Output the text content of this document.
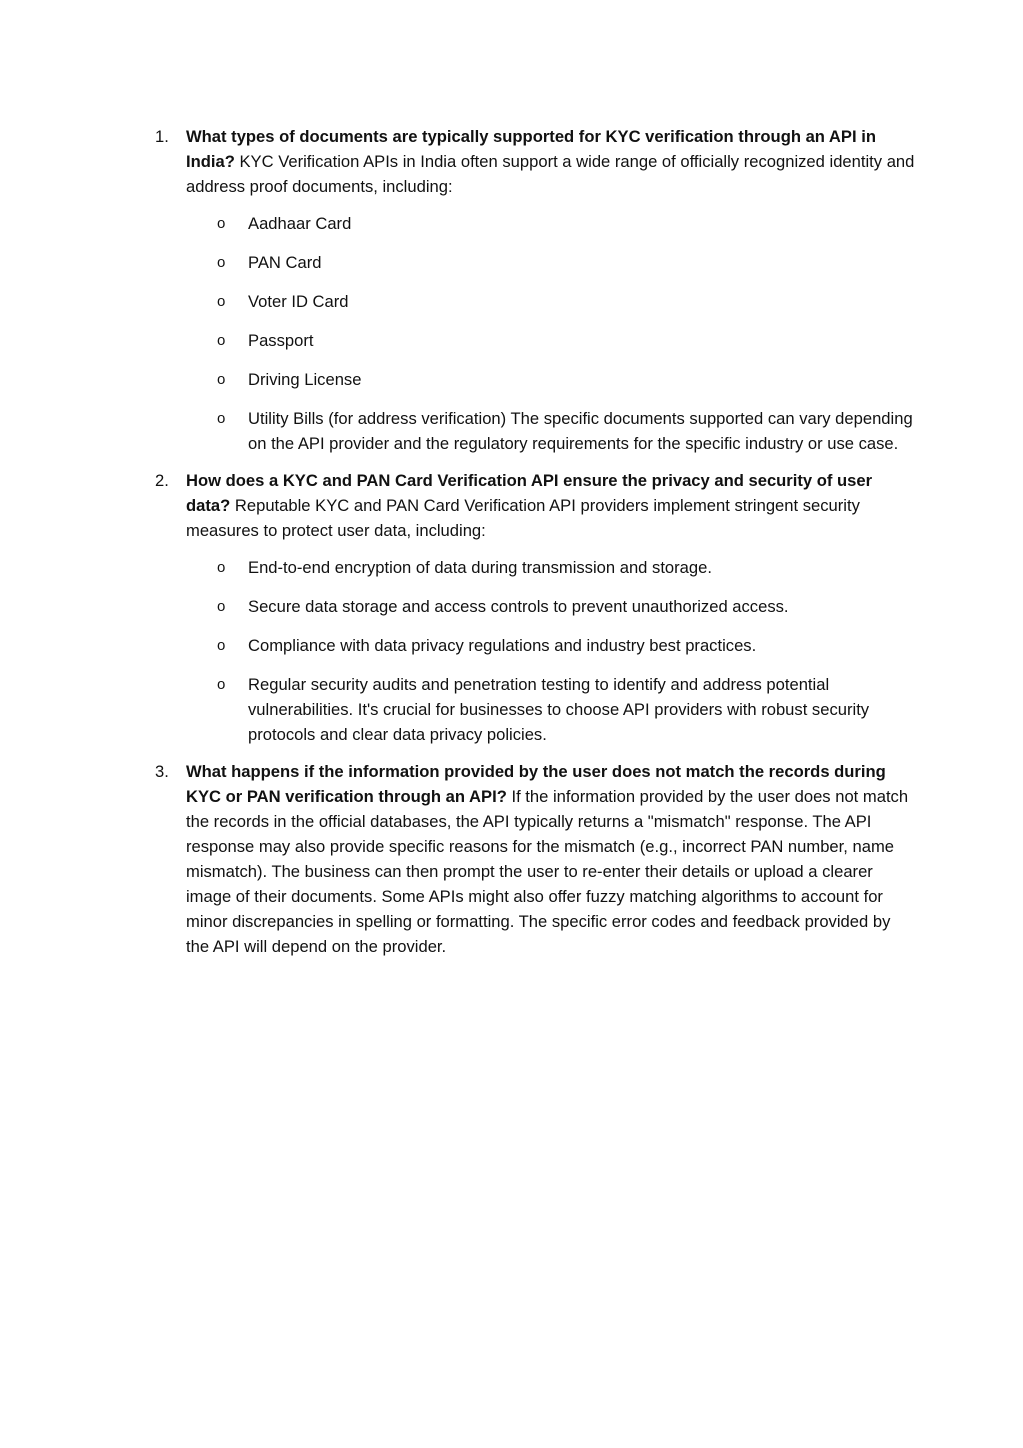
1. What types of documents are typically supported for KYC verification through an API in India? KYC Verification APIs in India often support a wide range of officially recognized identity and address proof documents, including:
o Aadhaar Card
o PAN Card
o Voter ID Card
o Passport
o Driving License
o Utility Bills (for address verification) The specific documents supported can vary depending on the API provider and the regulatory requirements for the specific industry or use case.
2. How does a KYC and PAN Card Verification API ensure the privacy and security of user data? Reputable KYC and PAN Card Verification API providers implement stringent security measures to protect user data, including:
o End-to-end encryption of data during transmission and storage.
o Secure data storage and access controls to prevent unauthorized access.
o Compliance with data privacy regulations and industry best practices.
o Regular security audits and penetration testing to identify and address potential vulnerabilities. It's crucial for businesses to choose API providers with robust security protocols and clear data privacy policies.
3. What happens if the information provided by the user does not match the records during KYC or PAN verification through an API? If the information provided by the user does not match the records in the official databases, the API typically returns a "mismatch" response. The API response may also provide specific reasons for the mismatch (e.g., incorrect PAN number, name mismatch). The business can then prompt the user to re-enter their details or upload a clearer image of their documents. Some APIs might also offer fuzzy matching algorithms to account for minor discrepancies in spelling or formatting. The specific error codes and feedback provided by the API will depend on the provider.
